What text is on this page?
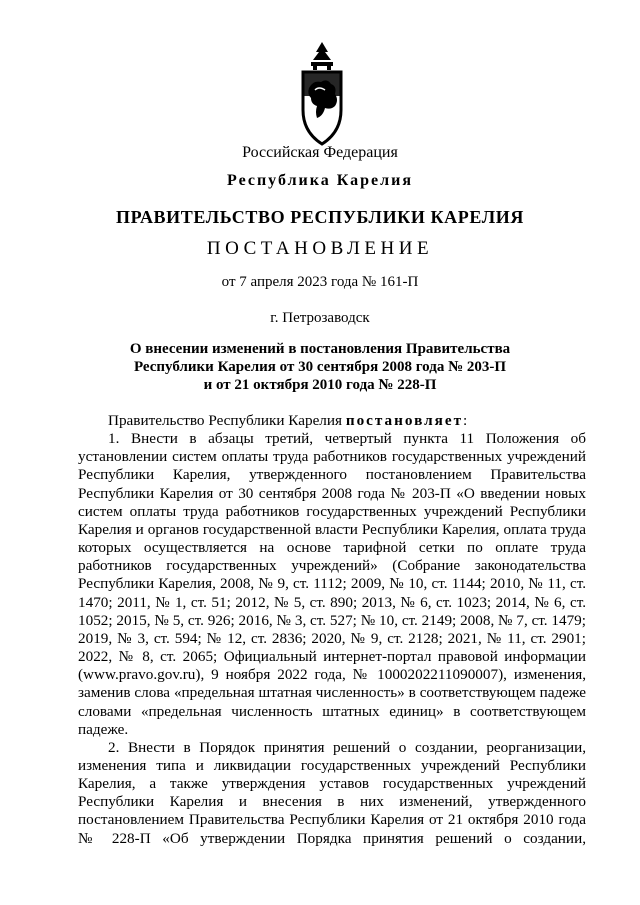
Российская Федерация
Республика Карелия
ПРАВИТЕЛЬСТВО РЕСПУБЛИКИ КАРЕЛИЯ
ПОСТАНОВЛЕНИЕ
от 7 апреля 2023 года № 161-П
г. Петрозаводск
О внесении изменений в постановления Правительства
Республики Карелия от 30 сентября 2008 года № 203-П
и от 21 октября 2010 года № 228-П

Правительство Республики Карелия постановляет:

1. Внести в абзацы третий, четвертый пункта 11 Положения об установлении систем оплаты труда работников государственных учреждений Республики Карелия, утвержденного постановлением Правительства Республики Карелия от 30 сентября 2008 года № 203-П «О введении новых систем оплаты труда работников государственных учреждений Республики Карелия и органов государственной власти Республики Карелия, оплата труда которых осуществляется на основе тарифной сетки по оплате труда работников государственных учреждений» (Собрание законодательства Республики Карелия, 2008, № 9, ст. 1112; 2009, № 10, ст. 1144; 2010, № 11, ст. 1470; 2011, № 1, ст. 51; 2012, № 5, ст. 890; 2013, № 6, ст. 1023; 2014, № 6, ст. 1052; 2015, № 5, ст. 926; 2016, № 3, ст. 527; № 10, ст. 2149; 2008, № 7, ст. 1479; 2019, № 3, ст. 594; № 12, ст. 2836; 2020, № 9, ст. 2128; 2021, № 11, ст. 2901; 2022, № 8, ст. 2065; Официальный интернет-портал правовой информации (www.pravo.gov.ru), 9 ноября 2022 года, № 1000202211090007), изменения, заменив слова «предельная штатная численность» в соответствующем падеже словами «предельная численность штатных единиц» в соответствующем падеже.

2. Внести в Порядок принятия решений о создании, реорганизации, изменения типа и ликвидации государственных учреждений Республики Карелия, а также утверждения уставов государственных учреждений Республики Карелия и внесения в них изменений, утвержденного постановлением Правительства Республики Карелия от 21 октября 2010 года № 228-П «Об утверждении Порядка принятия решений о создании,
